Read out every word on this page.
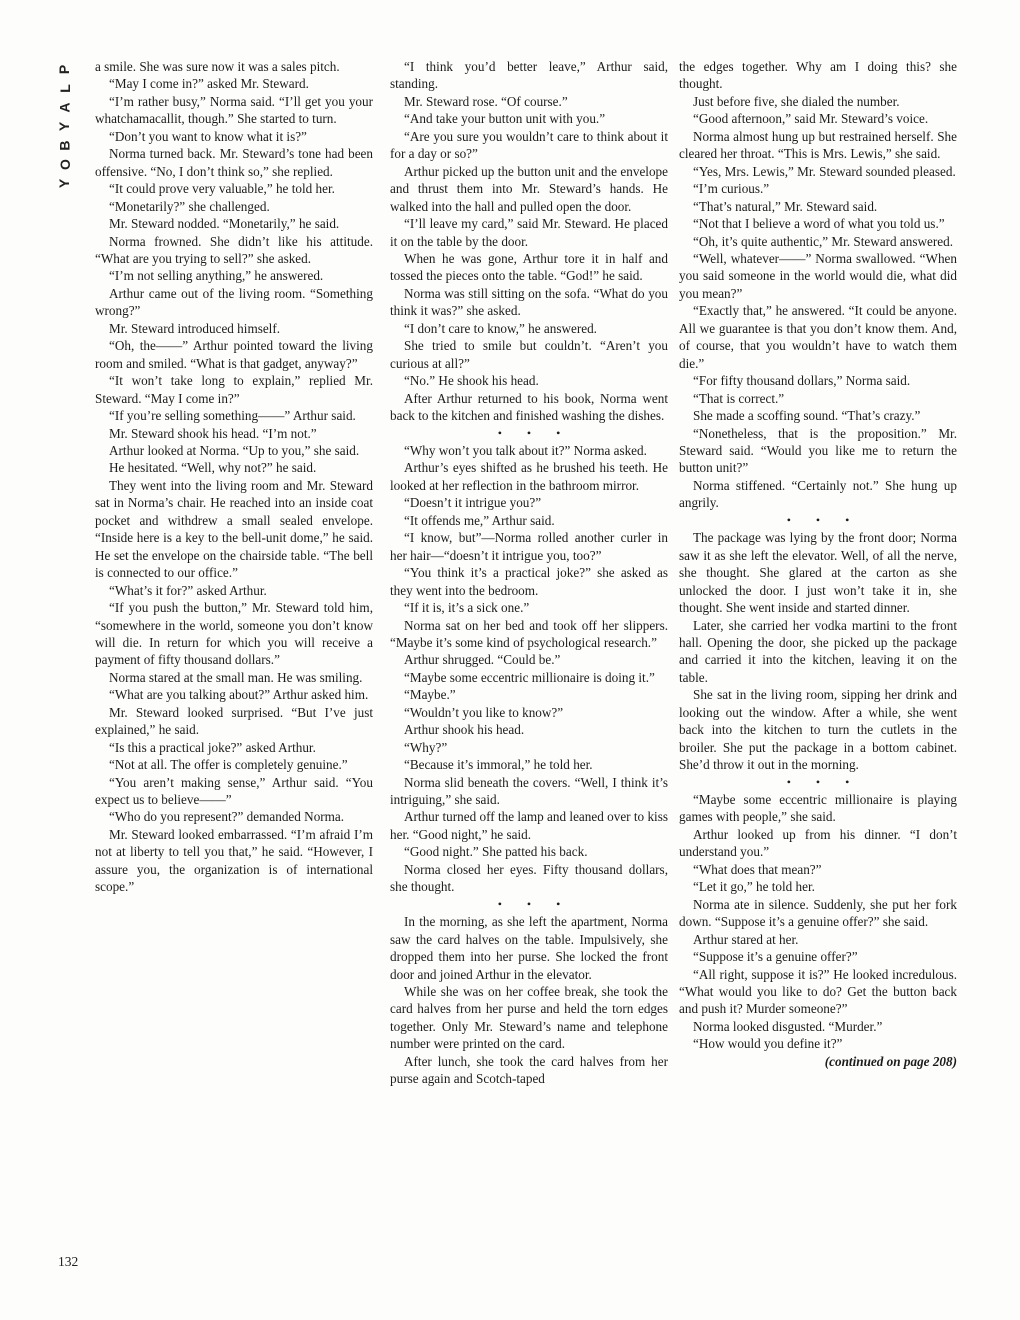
P
L
A
Y
B
O
Y
132

a smile. She was sure now it was a sales pitch.

“May I come in?” asked Mr. Steward.

“I’m rather busy,” Norma said. “I’ll get you your whatchamacallit, though.” She started to turn.

“Don’t you want to know what it is?”

Norma turned back. Mr. Steward’s tone had been offensive. “No, I don’t think so,” she replied.

“It could prove very valuable,” he told her.

“Monetarily?” she challenged.

Mr. Steward nodded. “Monetarily,” he said.

Norma frowned. She didn’t like his attitude. “What are you trying to sell?” she asked.

“I’m not selling anything,” he answered.

Arthur came out of the living room. “Something wrong?”

Mr. Steward introduced himself.

“Oh, the——” Arthur pointed toward the living room and smiled. “What is that gadget, anyway?”

“It won’t take long to explain,” replied Mr. Steward. “May I come in?”

“If you’re selling something——” Arthur said.

Mr. Steward shook his head. “I’m not.”

Arthur looked at Norma. “Up to you,” she said.

He hesitated. “Well, why not?” he said.

They went into the living room and Mr. Steward sat in Norma’s chair. He reached into an inside coat pocket and withdrew a small sealed envelope. “Inside here is a key to the bell-unit dome,” he said. He set the envelope on the chairside table. “The bell is connected to our office.”

“What’s it for?” asked Arthur.

“If you push the button,” Mr. Steward told him, “somewhere in the world, someone you don’t know will die. In return for which you will receive a payment of fifty thousand dollars.”

Norma stared at the small man. He was smiling.

“What are you talking about?” Arthur asked him.

Mr. Steward looked surprised. “But I’ve just explained,” he said.

“Is this a practical joke?” asked Arthur.

“Not at all. The offer is completely genuine.”

“You aren’t making sense,” Arthur said. “You expect us to believe——”

“Who do you represent?” demanded Norma.

Mr. Steward looked embarrassed. “I’m afraid I’m not at liberty to tell you that,” he said. “However, I assure you, the organization is of international scope.”

“I think you’d better leave,” Arthur said, standing.

Mr. Steward rose. “Of course.”

“And take your button unit with you.”

“Are you sure you wouldn’t care to think about it for a day or so?”

Arthur picked up the button unit and the envelope and thrust them into Mr. Steward’s hands. He walked into the hall and pulled open the door.

“I’ll leave my card,” said Mr. Steward. He placed it on the table by the door.

When he was gone, Arthur tore it in half and tossed the pieces onto the table. “God!” he said.

Norma was still sitting on the sofa. “What do you think it was?” she asked.

“I don’t care to know,” he answered.

She tried to smile but couldn’t. “Aren’t you curious at all?”

“No.” He shook his head.

After Arthur returned to his book, Norma went back to the kitchen and finished washing the dishes.

• • •

“Why won’t you talk about it?” Norma asked.

Arthur’s eyes shifted as he brushed his teeth. He looked at her reflection in the bathroom mirror.

“Doesn’t it intrigue you?”

“It offends me,” Arthur said.

“I know, but”—Norma rolled another curler in her hair—“doesn’t it intrigue you, too?”

“You think it’s a practical joke?” she asked as they went into the bedroom.

“If it is, it’s a sick one.”

Norma sat on her bed and took off her slippers. “Maybe it’s some kind of psychological research.”

Arthur shrugged. “Could be.”

“Maybe some eccentric millionaire is doing it.”

“Maybe.”

“Wouldn’t you like to know?”

Arthur shook his head.

“Why?”

“Because it’s immoral,” he told her.

Norma slid beneath the covers. “Well, I think it’s intriguing,” she said.

Arthur turned off the lamp and leaned over to kiss her. “Good night,” he said.

“Good night.” She patted his back.

Norma closed her eyes. Fifty thousand dollars, she thought.

• • •

In the morning, as she left the apartment, Norma saw the card halves on the table. Impulsively, she dropped them into her purse. She locked the front door and joined Arthur in the elevator.

While she was on her coffee break, she took the card halves from her purse and held the torn edges together. Only Mr. Steward’s name and telephone number were printed on the card.

After lunch, she took the card halves from her purse again and Scotch-taped

the edges together. Why am I doing this? she thought.

Just before five, she dialed the number.

“Good afternoon,” said Mr. Steward’s voice.

Norma almost hung up but restrained herself. She cleared her throat. “This is Mrs. Lewis,” she said.

“Yes, Mrs. Lewis,” Mr. Steward sounded pleased.

“I’m curious.”

“That’s natural,” Mr. Steward said.

“Not that I believe a word of what you told us.”

“Oh, it’s quite authentic,” Mr. Steward answered.

“Well, whatever——” Norma swallowed. “When you said someone in the world would die, what did you mean?”

“Exactly that,” he answered. “It could be anyone. All we guarantee is that you don’t know them. And, of course, that you wouldn’t have to watch them die.”

“For fifty thousand dollars,” Norma said.

“That is correct.”

She made a scoffing sound. “That’s crazy.”

“Nonetheless, that is the proposition.” Mr. Steward said. “Would you like me to return the button unit?”

Norma stiffened. “Certainly not.” She hung up angrily.

• • •

The package was lying by the front door; Norma saw it as she left the elevator. Well, of all the nerve, she thought. She glared at the carton as she unlocked the door. I just won’t take it in, she thought. She went inside and started dinner.

Later, she carried her vodka martini to the front hall. Opening the door, she picked up the package and carried it into the kitchen, leaving it on the table.

She sat in the living room, sipping her drink and looking out the window. After a while, she went back into the kitchen to turn the cutlets in the broiler. She put the package in a bottom cabinet. She’d throw it out in the morning.

• • •

“Maybe some eccentric millionaire is playing games with people,” she said.

Arthur looked up from his dinner. “I don’t understand you.”

“What does that mean?”

“Let it go,” he told her.

Norma ate in silence. Suddenly, she put her fork down. “Suppose it’s a genuine offer?” she said.

Arthur stared at her.

“Suppose it’s a genuine offer?”

“All right, suppose it is?” He looked incredulous. “What would you like to do? Get the button back and push it? Murder someone?”

Norma looked disgusted. “Murder.”

“How would you define it?”

(continued on page 208)
